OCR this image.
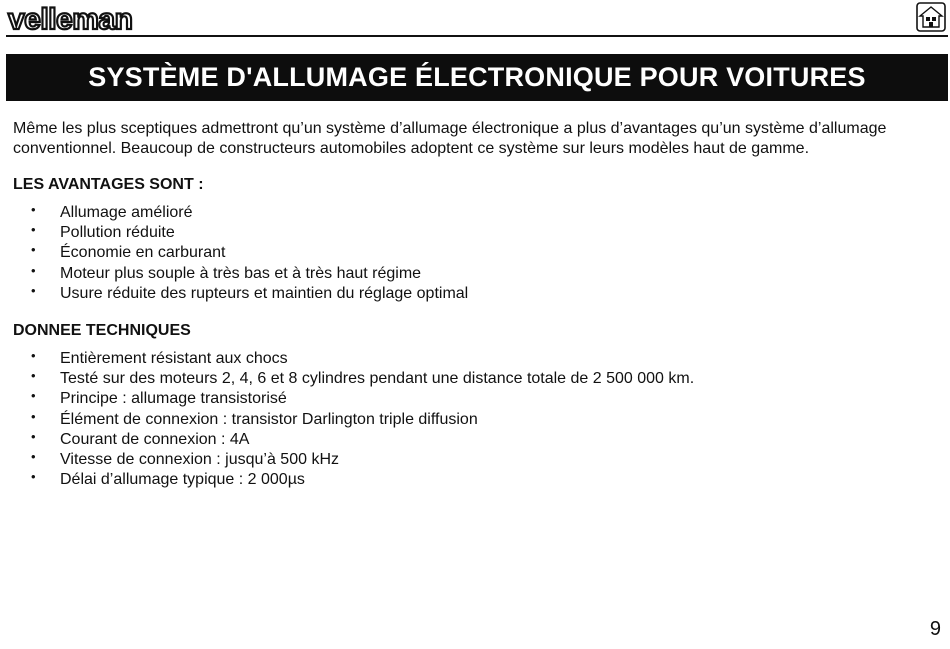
velleman
SYSTÈME D'ALLUMAGE ÉLECTRONIQUE POUR VOITURES

Même les plus sceptiques admettront qu’un système d’allumage électronique a plus d’avantages qu’un système d’allumage conventionnel. Beaucoup de constructeurs automobiles adoptent ce système sur leurs modèles haut de gamme.

LES AVANTAGES SONT :
• Allumage amélioré
• Pollution réduite
• Économie en carburant
• Moteur plus souple à très bas et à très haut régime
• Usure réduite des rupteurs et maintien du réglage optimal
DONNEE TECHNIQUES
• Entièrement résistant aux chocs
• Testé sur des moteurs 2, 4, 6 et 8 cylindres pendant une distance totale de 2 500 000 km.
• Principe : allumage transistorisé
• Élément de connexion : transistor Darlington triple diffusion
• Courant de connexion : 4A
• Vitesse de connexion : jusqu’à 500 kHz
• Délai d’allumage typique : 2 000µs
9
